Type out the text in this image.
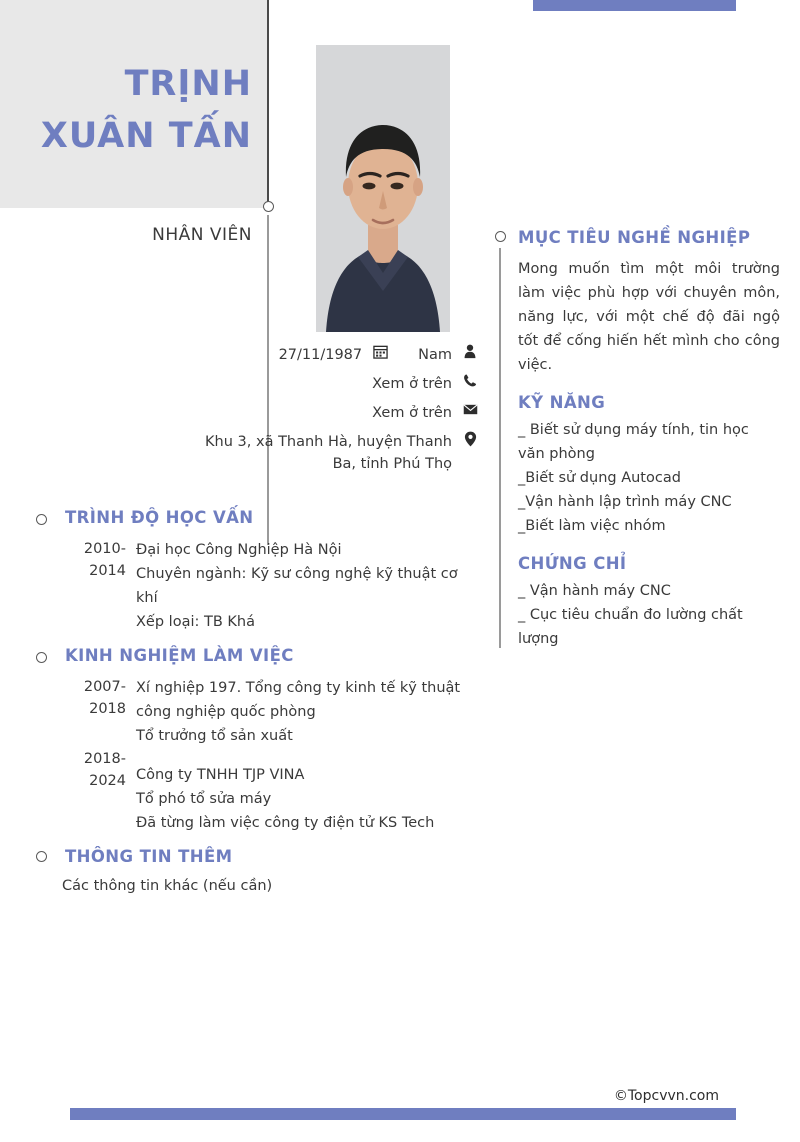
TRỊNH
XUÂN TẤN
NHÂN VIÊN
27/11/1987	Nam
Xem ở trên
Xem ở trên
Khu 3, xã Thanh Hà, huyện Thanh Ba, tỉnh Phú Thọ
TRÌNH ĐỘ HỌC VẤN
2010-2014
Đại học Công Nghiệp Hà Nội
Chuyên ngành: Kỹ sư công nghệ kỹ thuật cơ khí
Xếp loại: TB Khá
KINH NGHIỆM LÀM VIỆC
2007-2018
Xí nghiệp 197. Tổng công ty kinh tế kỹ thuật công nghiệp quốc phòng
Tổ trưởng tổ sản xuất
2018-2024 Công ty TNHH TJP VINA
Tổ phó tổ sửa máy
Đã từng làm việc công ty điện tử KS Tech
THÔNG TIN THÊM
Các thông tin khác (nếu cần)
MỤC TIÊU NGHỀ NGHIỆP
Mong muốn tìm một môi trường làm việc phù hợp với chuyên môn, năng lực, với một chế độ đãi ngộ tốt để cống hiến hết mình cho công việc.
KỸ NĂNG
_ Biết sử dụng máy tính, tin học văn phòng
_Biết sử dụng Autocad
_Vận hành lập trình máy CNC
_Biết làm việc nhóm
CHỨNG CHỈ
_ Vận hành máy CNC
_ Cục tiêu chuẩn đo lường chất lượng
©Topcvvn.com
